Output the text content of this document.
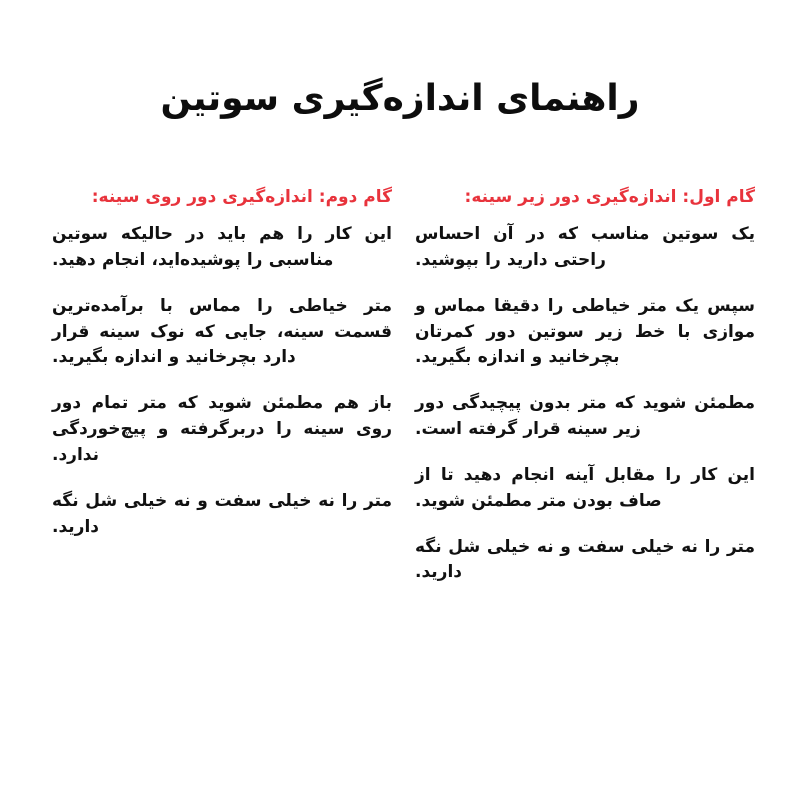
راهنمای اندازه‌گیری سوتین
گام اول: اندازه‌گیری دور زیر سینه:

یک سوتین مناسب که در آن احساس راحتی دارید را بپوشید.

سپس یک متر خیاطی را دقیقا مماس و موازی با خط زیر سوتین دور کمرتان بچرخانید و اندازه بگیرید.

مطمئن شوید که متر بدون پیچیدگی دور زیر سینه قرار گرفته است.

این کار را مقابل آینه انجام دهید تا از صاف بودن متر مطمئن شوید.

متر را نه خیلی سفت و نه خیلی شل نگه دارید.

گام دوم: اندازه‌گیری دور روی سینه:

این کار را هم باید در حالیکه سوتین مناسبی را پوشیده‌اید، انجام دهید.

متر خیاطی را مماس با برآمده‌ترین قسمت سینه، جایی که نوک سینه قرار دارد بچرخانید و اندازه بگیرید.

باز هم مطمئن شوید که متر تمام دور روی سینه را دربرگرفته و پیچ‌خوردگی ندارد.

متر را نه خیلی سفت و نه خیلی شل نگه دارید.
